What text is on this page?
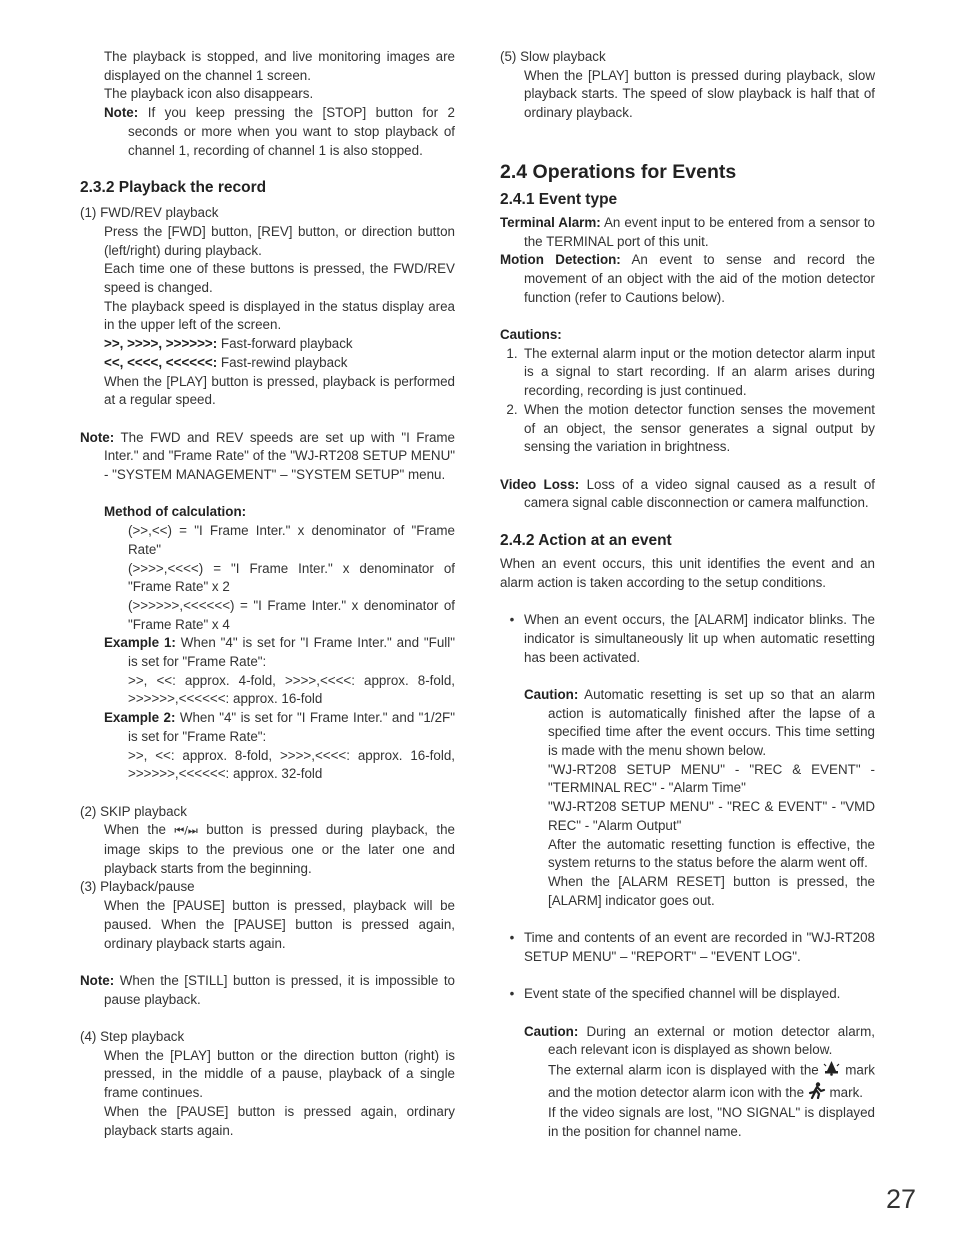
The playback is stopped, and live monitoring images are displayed on the channel 1 screen.

The playback icon also disappears.

Note: If you keep pressing the [STOP] button for 2 seconds or more when you want to stop playback of channel 1, recording of channel 1 is also stopped.

2.3.2 Playback the record

(1) FWD/REV playback

Press the [FWD] button, [REV] button, or direction button (left/right) during playback.

Each time one of these buttons is pressed, the FWD/REV speed is changed.

The playback speed is displayed in the status display area in the upper left of the screen.

>>, >>>>, >>>>>>: Fast-forward playback

<<, <<<<, <<<<<<: Fast-rewind playback

When the [PLAY] button is pressed, playback is performed at a regular speed.

Note: The FWD and REV speeds are set up with "I Frame Inter." and "Frame Rate" of the "WJ-RT208 SETUP MENU" - "SYSTEM MANAGEMENT" – "SYSTEM SETUP" menu.

Method of calculation:

(>>,<<) = "I Frame Inter." x denominator of "Frame Rate"

(>>>>,<<<<) = "I Frame Inter." x denominator of "Frame Rate" x 2

(>>>>>>,<<<<<<) = "I Frame Inter." x denominator of "Frame Rate" x 4

Example 1: When "4" is set for "I Frame Inter." and "Full" is set for "Frame Rate":

>>, <<: approx. 4-fold, >>>>,<<<<: approx. 8-fold, >>>>>>,<<<<<<: approx. 16-fold

Example 2: When "4" is set for "I Frame Inter." and "1/2F" is set for "Frame Rate":

>>, <<: approx. 8-fold, >>>>,<<<<: approx. 16-fold, >>>>>>,<<<<<<: approx. 32-fold

(2) SKIP playback

When the ⏮/⏭ button is pressed during playback, the image skips to the previous one or the later one and playback starts from the beginning.

(3) Playback/pause

When the [PAUSE] button is pressed, playback will be paused. When the [PAUSE] button is pressed again, ordinary playback starts again.

Note: When the [STILL] button is pressed, it is impossible to pause playback.

(4) Step playback

When the [PLAY] button or the direction button (right) is pressed, in the middle of a pause, playback of a single frame continues.

When the [PAUSE] button is pressed again, ordinary playback starts again.

(5) Slow playback

When the [PLAY] button is pressed during playback, slow playback starts. The speed of slow playback is half that of ordinary playback.

2.4 Operations for Events
2.4.1 Event type

Terminal Alarm: An event input to be entered from a sensor to the TERMINAL port of this unit.

Motion Detection: An event to sense and record the movement of an object with the aid of the motion detector function (refer to Cautions below).

Cautions:

1. The external alarm input or the motion detector alarm input is a signal to start recording. If an alarm arises during recording, recording is just continued.

2. When the motion detector function senses the movement of an object, the sensor generates a signal output by sensing the variation in brightness.

Video Loss: Loss of a video signal caused as a result of camera signal cable disconnection or camera malfunction.

2.4.2 Action at an event

When an event occurs, this unit identifies the event and an alarm action is taken according to the setup conditions.

• When an event occurs, the [ALARM] indicator blinks. The indicator is simultaneously lit up when automatic resetting has been activated.

Caution: Automatic resetting is set up so that an alarm action is automatically finished after the lapse of a specified time after the event occurs. This time setting is made with the menu shown below.

"WJ-RT208 SETUP MENU" - "REC & EVENT" - "TERMINAL REC" - "Alarm Time"

"WJ-RT208 SETUP MENU" - "REC & EVENT" - "VMD REC" - "Alarm Output"

After the automatic resetting function is effective, the system returns to the status before the alarm went off.

When the [ALARM RESET] button is pressed, the [ALARM] indicator goes out.

• Time and contents of an event are recorded in "WJ-RT208 SETUP MENU" – "REPORT" – "EVENT LOG".

• Event state of the specified channel will be displayed.

Caution: During an external or motion detector alarm, each relevant icon is displayed as shown below.

The external alarm icon is displayed with the  mark and the motion detector alarm icon with the  mark.

If the video signals are lost, "NO SIGNAL" is displayed in the position for channel name.

27
